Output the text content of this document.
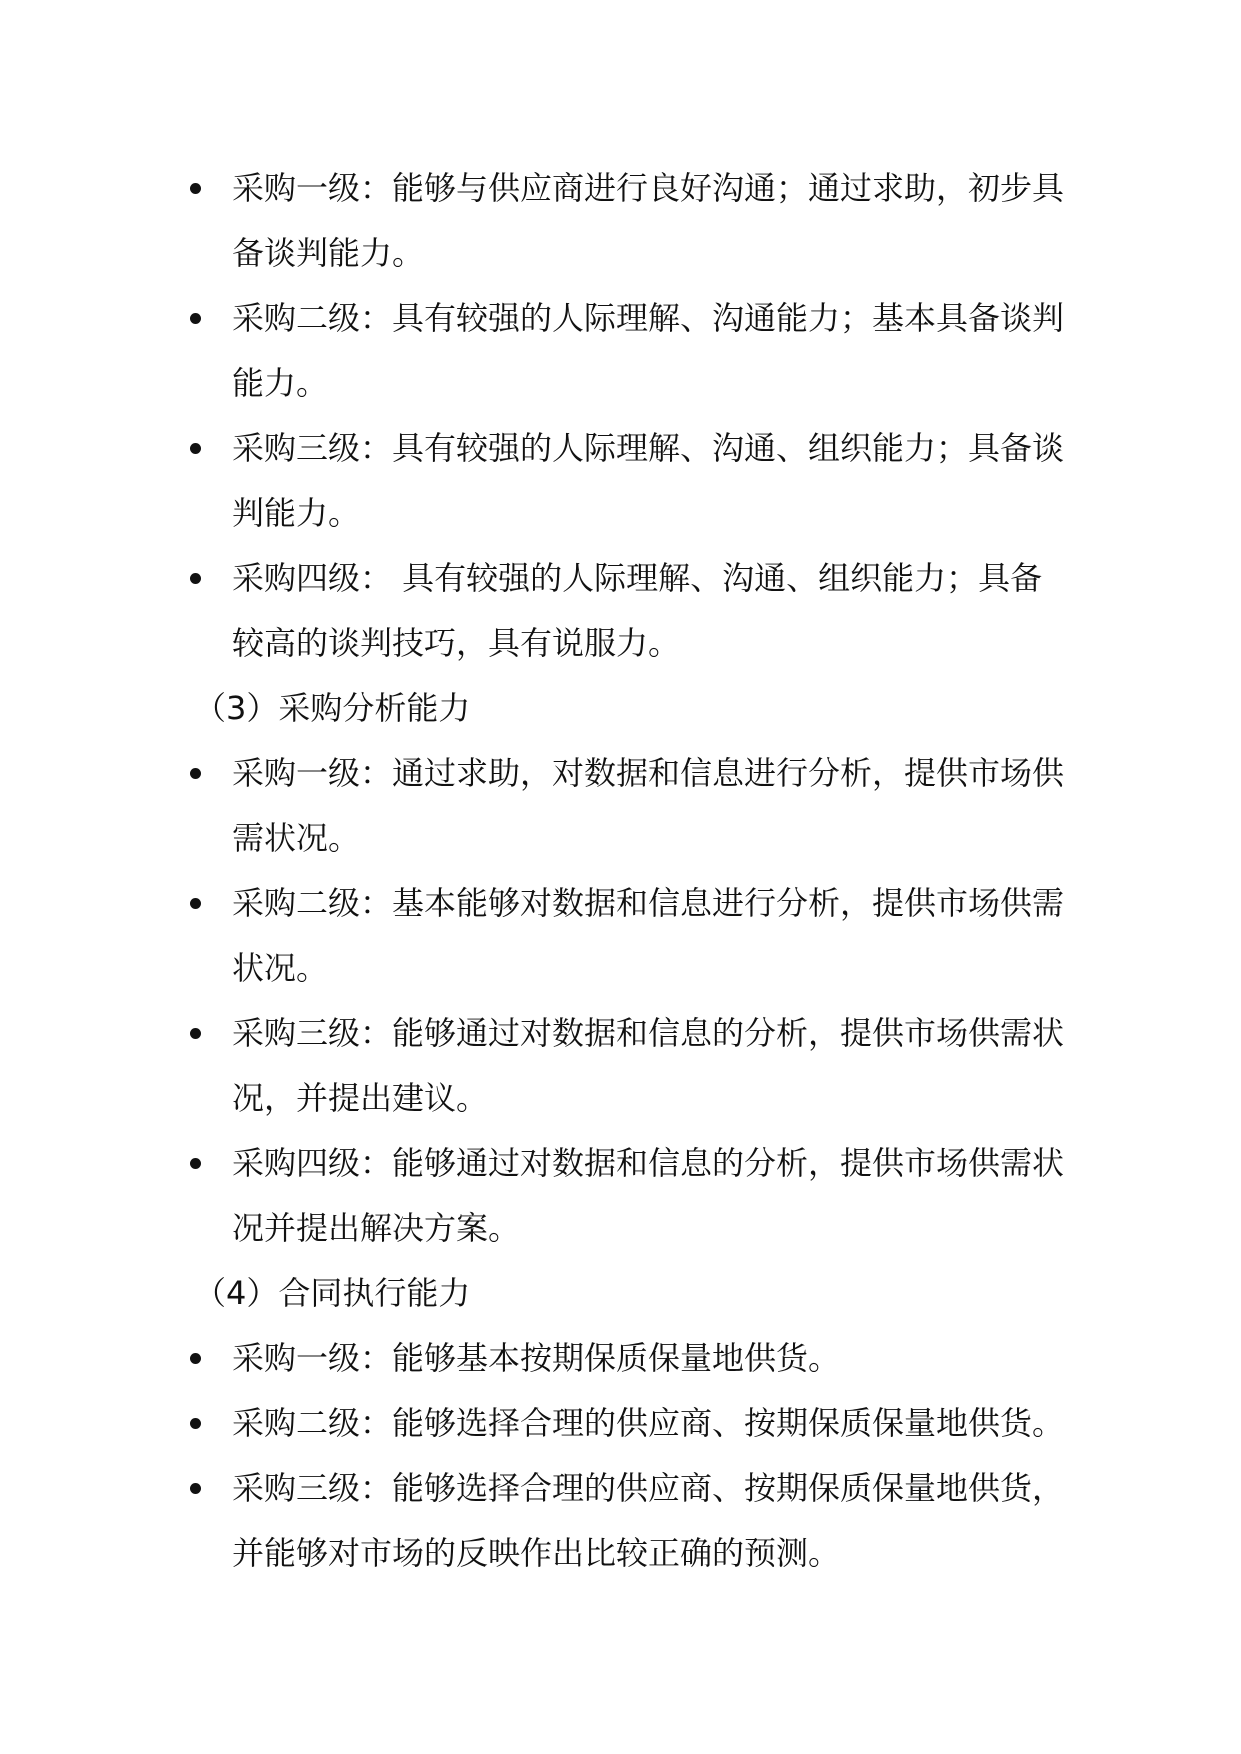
采购一级：能够与供应商进行良好沟通；通过求助，初步具备谈判能力。
采购二级：具有较强的人际理解、沟通能力；基本具备谈判能力。
采购三级：具有较强的人际理解、沟通、组织能力；具备谈判能力。
采购四级： 具有较强的人际理解、沟通、组织能力；具备较高的谈判技巧，具有说服力。

（3）采购分析能力

采购一级：通过求助，对数据和信息进行分析，提供市场供需状况。
采购二级：基本能够对数据和信息进行分析，提供市场供需状况。
采购三级：能够通过对数据和信息的分析，提供市场供需状况，并提出建议。
采购四级：能够通过对数据和信息的分析，提供市场供需状况并提出解决方案。

（4）合同执行能力

采购一级：能够基本按期保质保量地供货。
采购二级：能够选择合理的供应商、按期保质保量地供货。
采购三级：能够选择合理的供应商、按期保质保量地供货，并能够对市场的反映作出比较正确的预测。
